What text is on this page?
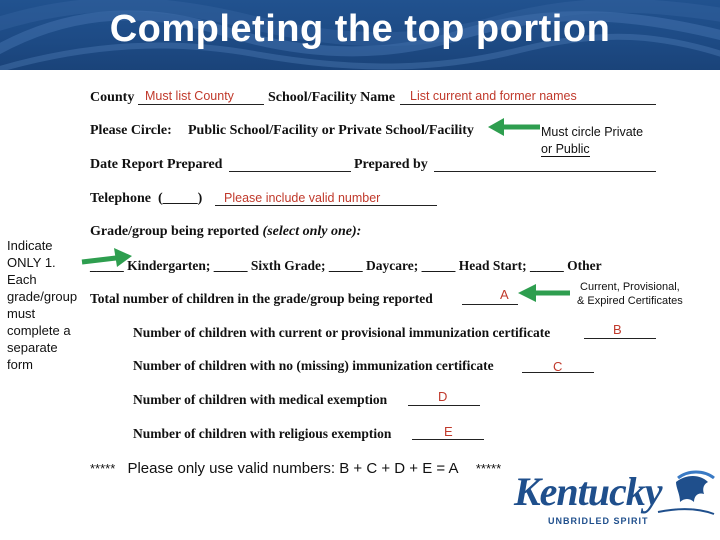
Completing the top portion
County Must list County School/Facility Name List current and former names
Please Circle: Public School/Facility or Private School/Facility	Must circle Private
or Public
Date Report Prepared	Prepared by
Telephone (_____) Please include valid number
Grade/group being reported (select only one):
Indicate
ONLY 1.
Each
grade/group
must
complete a
separate
form
_____ Kindergarten; _____ Sixth Grade; _____ Daycare; _____ Head Start; _____ Other
Total number of children in the grade/group being reported	A	Current, Provisional,
& Expired Certificates
Number of children with current or provisional immunization certificate	B
Number of children with no (missing) immunization certificate	C
Number of children with medical exemption	D
Number of children with religious exemption	E
***** Please only use valid numbers: B + C + D + E = A *****
Kentucky
UNBRIDLED SPIRIT
